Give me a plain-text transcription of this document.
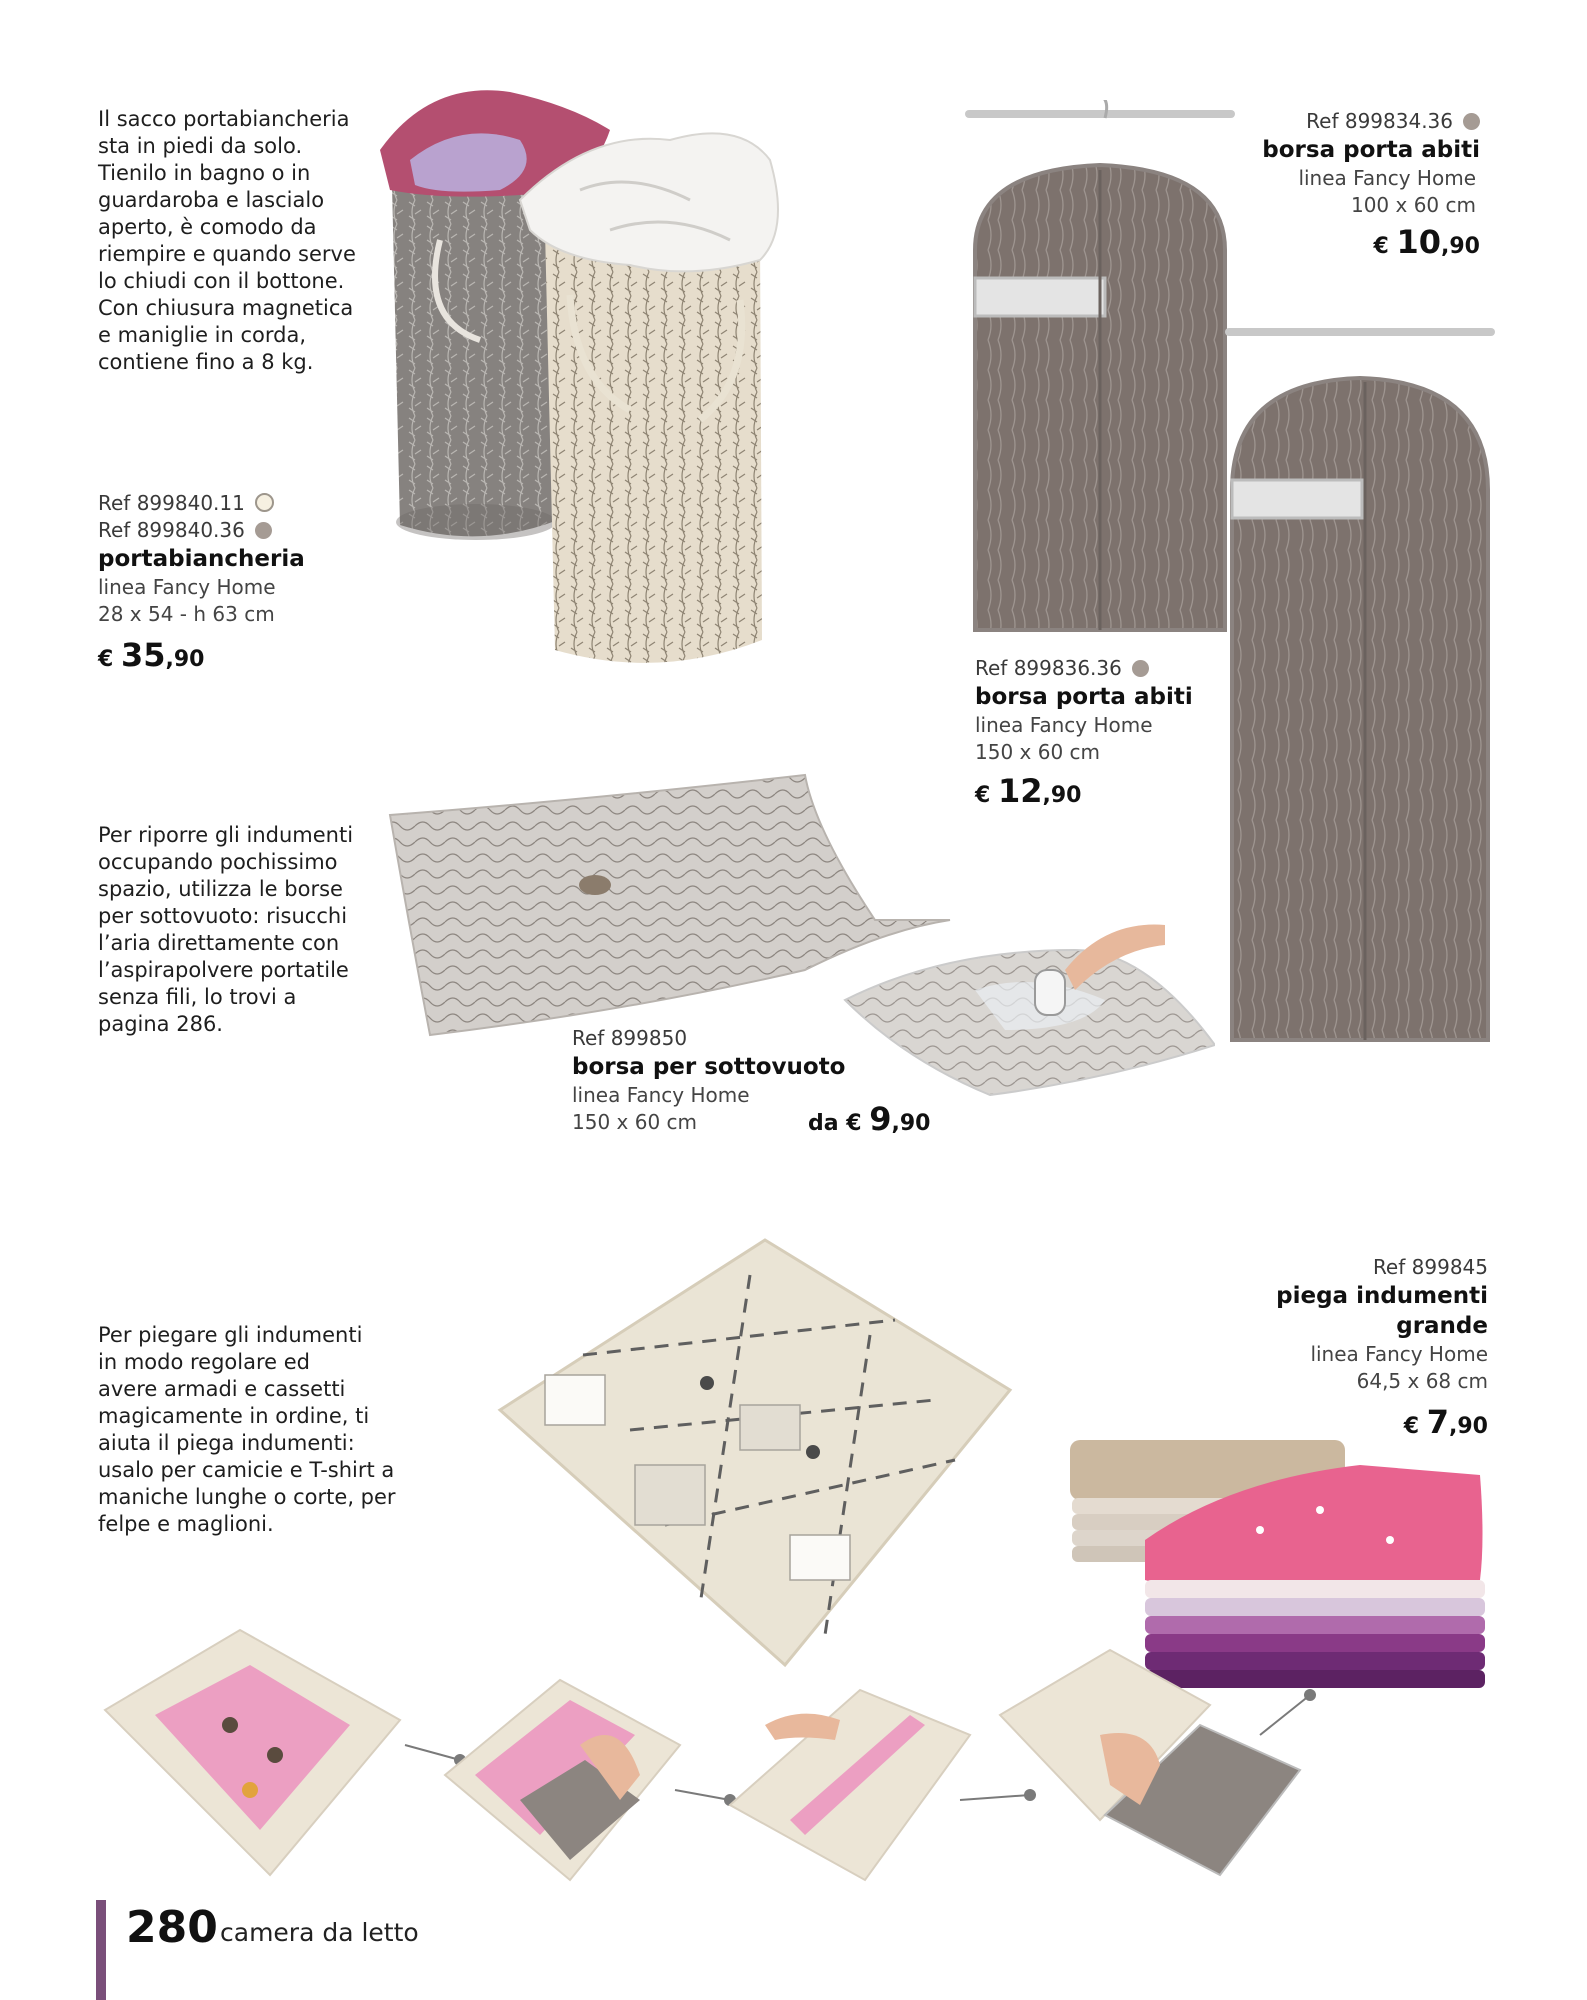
Il sacco portabiancheria
sta in piedi da solo.
Tienilo in bagno o in
guardaroba e lascialo
aperto, è comodo da
riempire e quando serve
lo chiudi con il bottone.
Con chiusura magnetica
e maniglie in corda,
contiene fino a 8 kg.
Ref 899840.11
Ref 899840.36
portabiancheria
linea Fancy Home
28 x 54 - h 63 cm
€ 35,90
Ref 899834.36
borsa porta abiti
linea Fancy Home
100 x 60 cm
€ 10,90
Ref 899836.36
borsa porta abiti
linea Fancy Home
150 x 60 cm
€ 12,90
Per riporre gli indumenti
occupando pochissimo
spazio, utilizza le borse
per sottovuoto: risucchi
l’aria direttamente con
l’aspirapolvere portatile
senza fili, lo trovi a
pagina 286.
Ref 899850
borsa per sottovuoto
linea Fancy Home
150 x 60 cm	da € 9,90
Per piegare gli indumenti
in modo regolare ed
avere armadi e cassetti
magicamente in ordine, ti
aiuta il piega indumenti:
usalo per camicie e T-shirt a
maniche lunghe o corte, per
felpe e maglioni.
Ref 899845
piega indumenti
grande
linea Fancy Home
64,5 x 68 cm
€ 7,90
280 camera da letto
